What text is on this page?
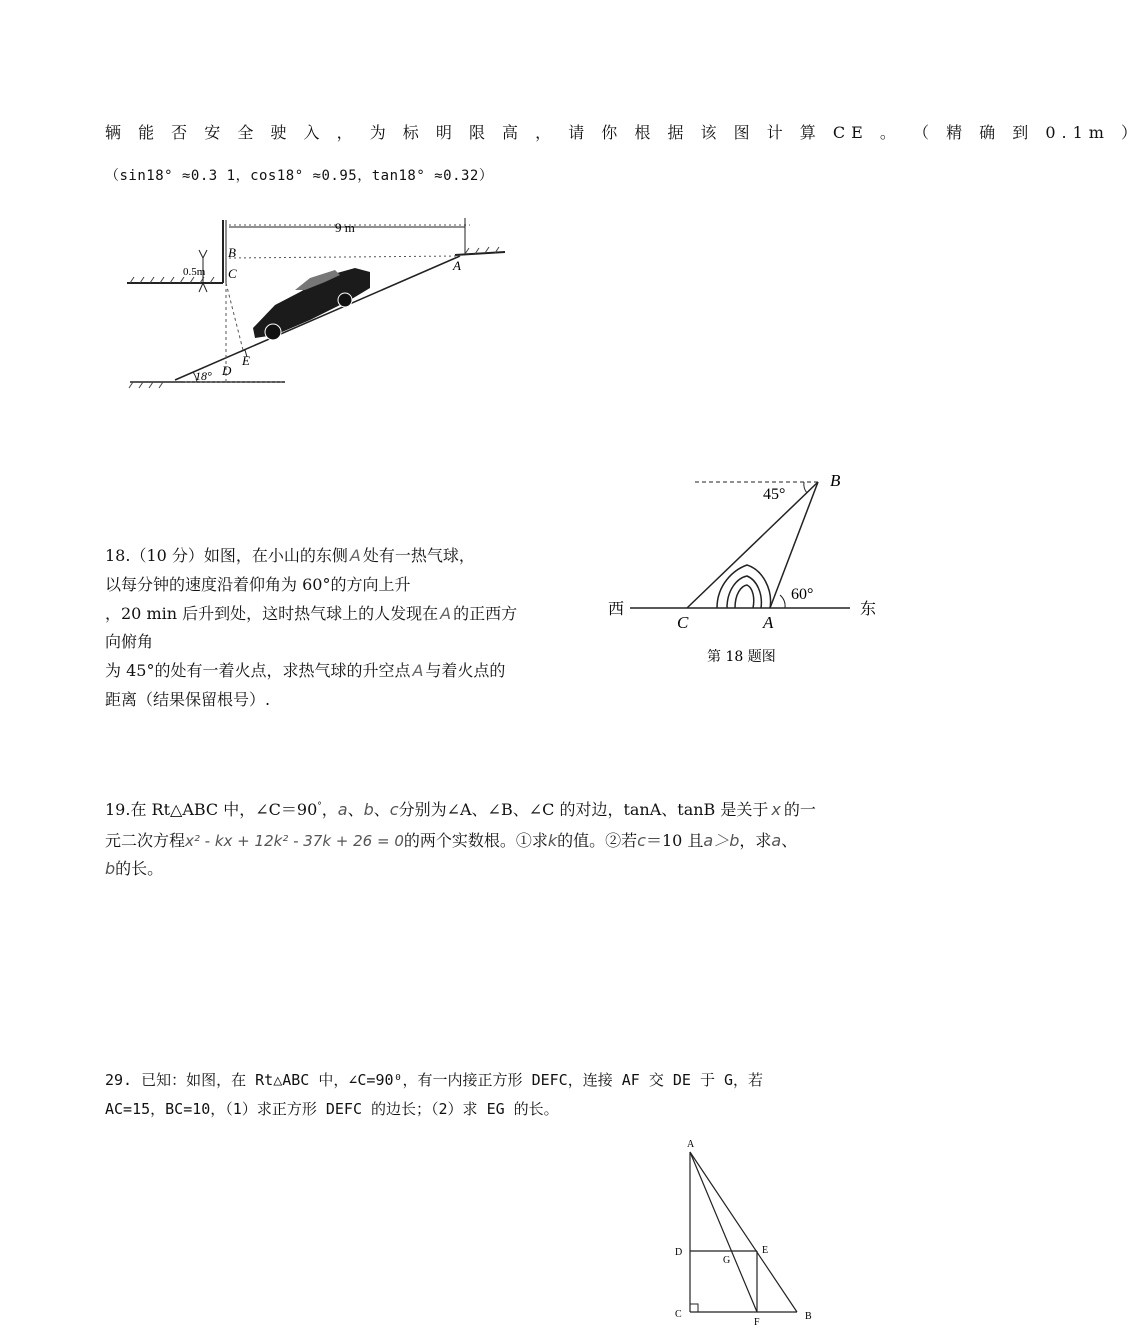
辆 能 否 安 全 驶 入 ， 为 标 明 限 高 ， 请 你 根 据 该 图 计 算 CE 。 （ 精 确 到 0.1m ）
（sin18° ≈0.3 1，cos18° ≈0.95，tan18° ≈0.32）
9 m
0.5m
18°
B
C
A
D
E
18.（10 分）如图，在小山的东侧 A 处有一热气球，
以每分钟的速度沿着仰角为 60°的方向上升
，20 min 后升到处，这时热气球上的人发现在 A 的正西方
向俯角
为 45°的处有一着火点，求热气球的升空点 A 与着火点的
距离（结果保留根号）.
45°
60°
B
C	A
西	东
第 18 题图
19.在 Rt△ABC 中，∠C＝90°，a、b、c分别为∠A、∠B、∠C 的对边，tanA、tanB 是关于 x 的一
元二次方程x² - kx + 12k² - 37k + 26 = 0的两个实数根。①求k的值。②若c＝10 且a＞b，求a、
b的长。
29. 已知：如图，在 Rt△ABC 中，∠C=90⁰，有一内接正方形 DEFC，连接 AF 交 DE 于 G，若
AC=15，BC=10，（1）求正方形 DEFC 的边长；（2）求 EG 的长。
A
D	E
G
C
F
B
